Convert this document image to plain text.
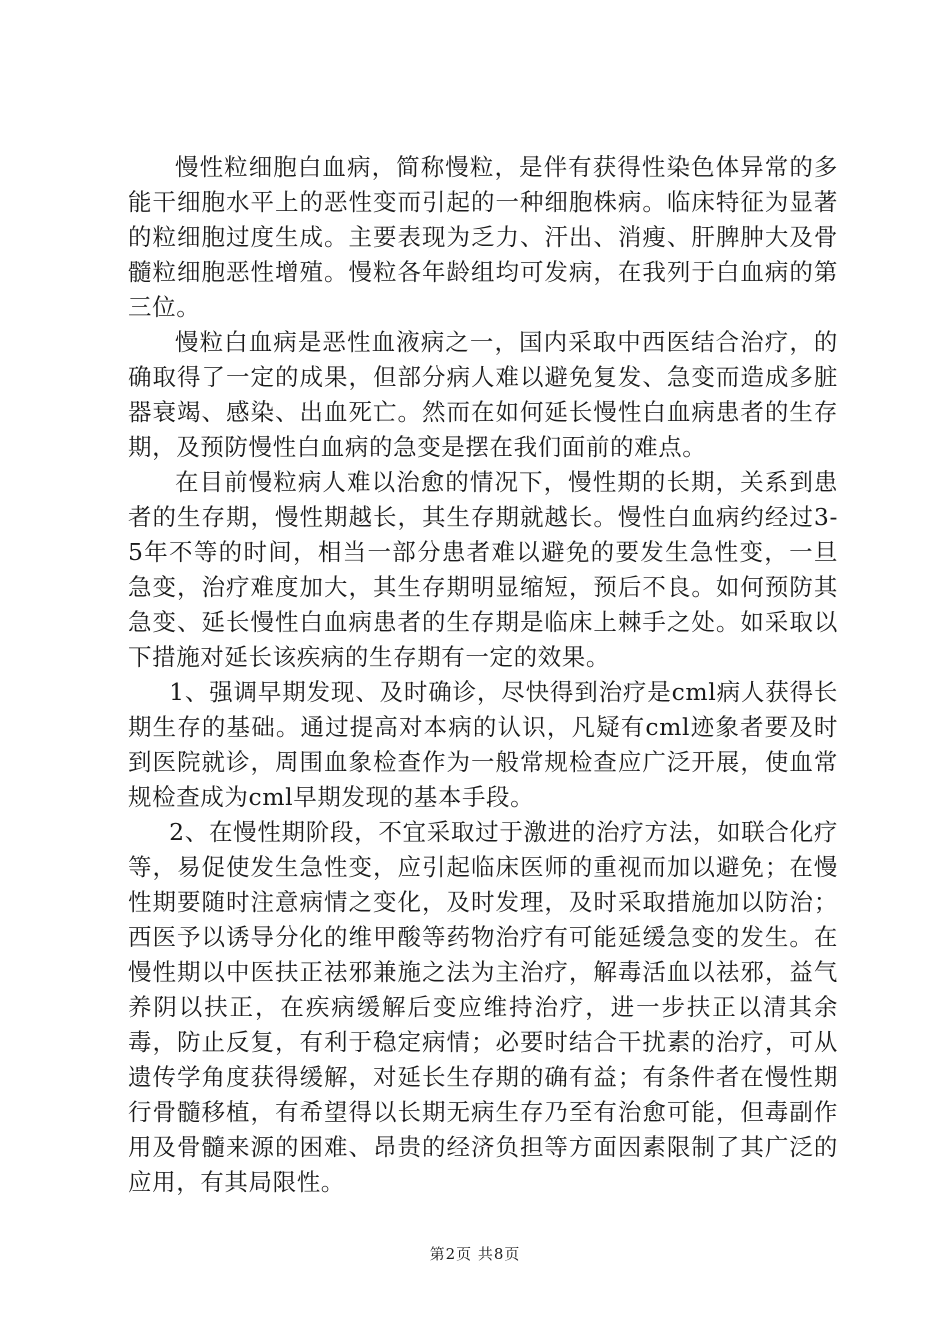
慢性粒细胞白血病，简称慢粒，是伴有获得性染色体异常的多能干细胞水平上的恶性变而引起的一种细胞株病。临床特征为显著的粒细胞过度生成。主要表现为乏力、汗出、消瘦、肝脾肿大及骨髓粒细胞恶性增殖。慢粒各年龄组均可发病，在我列于白血病的第三位。

慢粒白血病是恶性血液病之一，国内采取中西医结合治疗，的确取得了一定的成果，但部分病人难以避免复发、急变而造成多脏器衰竭、感染、出血死亡。然而在如何延长慢性白血病患者的生存期，及预防慢性白血病的急变是摆在我们面前的难点。

在目前慢粒病人难以治愈的情况下，慢性期的长期，关系到患者的生存期，慢性期越长，其生存期就越长。慢性白血病约经过3-5年不等的时间，相当一部分患者难以避免的要发生急性变，一旦急变，治疗难度加大，其生存期明显缩短，预后不良。如何预防其急变、延长慢性白血病患者的生存期是临床上棘手之处。如采取以下措施对延长该疾病的生存期有一定的效果。

1、强调早期发现、及时确诊，尽快得到治疗是cml病人获得长期生存的基础。通过提高对本病的认识，凡疑有cml迹象者要及时到医院就诊，周围血象检查作为一般常规检查应广泛开展，使血常规检查成为cml早期发现的基本手段。

2、在慢性期阶段，不宜采取过于激进的治疗方法，如联合化疗等，易促使发生急性变，应引起临床医师的重视而加以避免；在慢性期要随时注意病情之变化，及时发理，及时采取措施加以防治；西医予以诱导分化的维甲酸等药物治疗有可能延缓急变的发生。在慢性期以中医扶正祛邪兼施之法为主治疗，解毒活血以祛邪，益气养阴以扶正，在疾病缓解后变应维持治疗，进一步扶正以清其余毒，防止反复，有利于稳定病情；必要时结合干扰素的治疗，可从遗传学角度获得缓解，对延长生存期的确有益；有条件者在慢性期行骨髓移植，有希望得以长期无病生存乃至有治愈可能，但毒副作用及骨髓来源的困难、昂贵的经济负担等方面因素限制了其广泛的应用，有其局限性。

第2页 共8页
